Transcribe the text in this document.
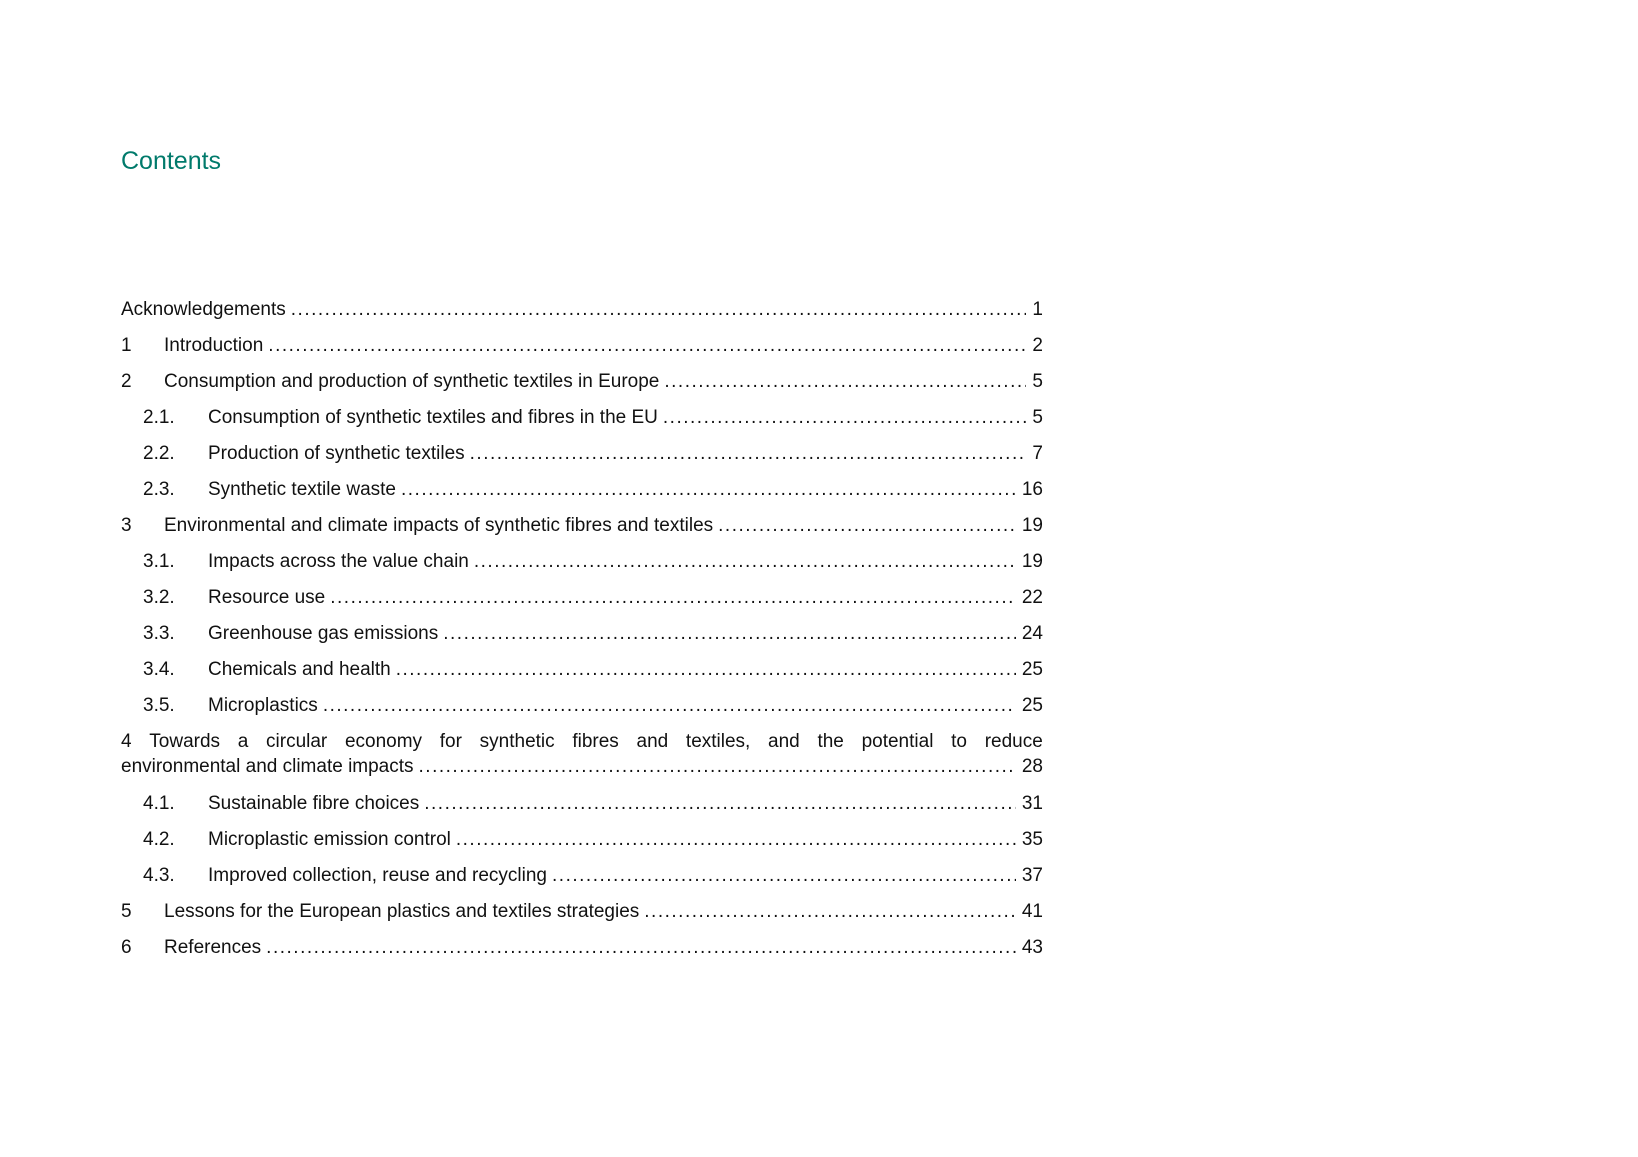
Contents
Acknowledgements .....	1
1	Introduction .....	2
2	Consumption and production of synthetic textiles in Europe .....	5
2.1.	Consumption of synthetic textiles and fibres in the EU .....	5
2.2.	Production of synthetic textiles .....	7
2.3.	Synthetic textile waste .....	16
3	Environmental and climate impacts of synthetic fibres and textiles .....	19
3.1.	Impacts across the value chain .....	19
3.2.	Resource use .....	22
3.3.	Greenhouse gas emissions .....	24
3.4.	Chemicals and health .....	25
3.5.	Microplastics .....	25
4 Towards a circular economy for synthetic fibres and textiles, and the potential to reduce
environmental and climate impacts .....	28
4.1.	Sustainable fibre choices .....	31
4.2.	Microplastic emission control .....	35
4.3.	Improved collection, reuse and recycling .....	37
5	Lessons for the European plastics and textiles strategies .....	41
6	References .....	43
